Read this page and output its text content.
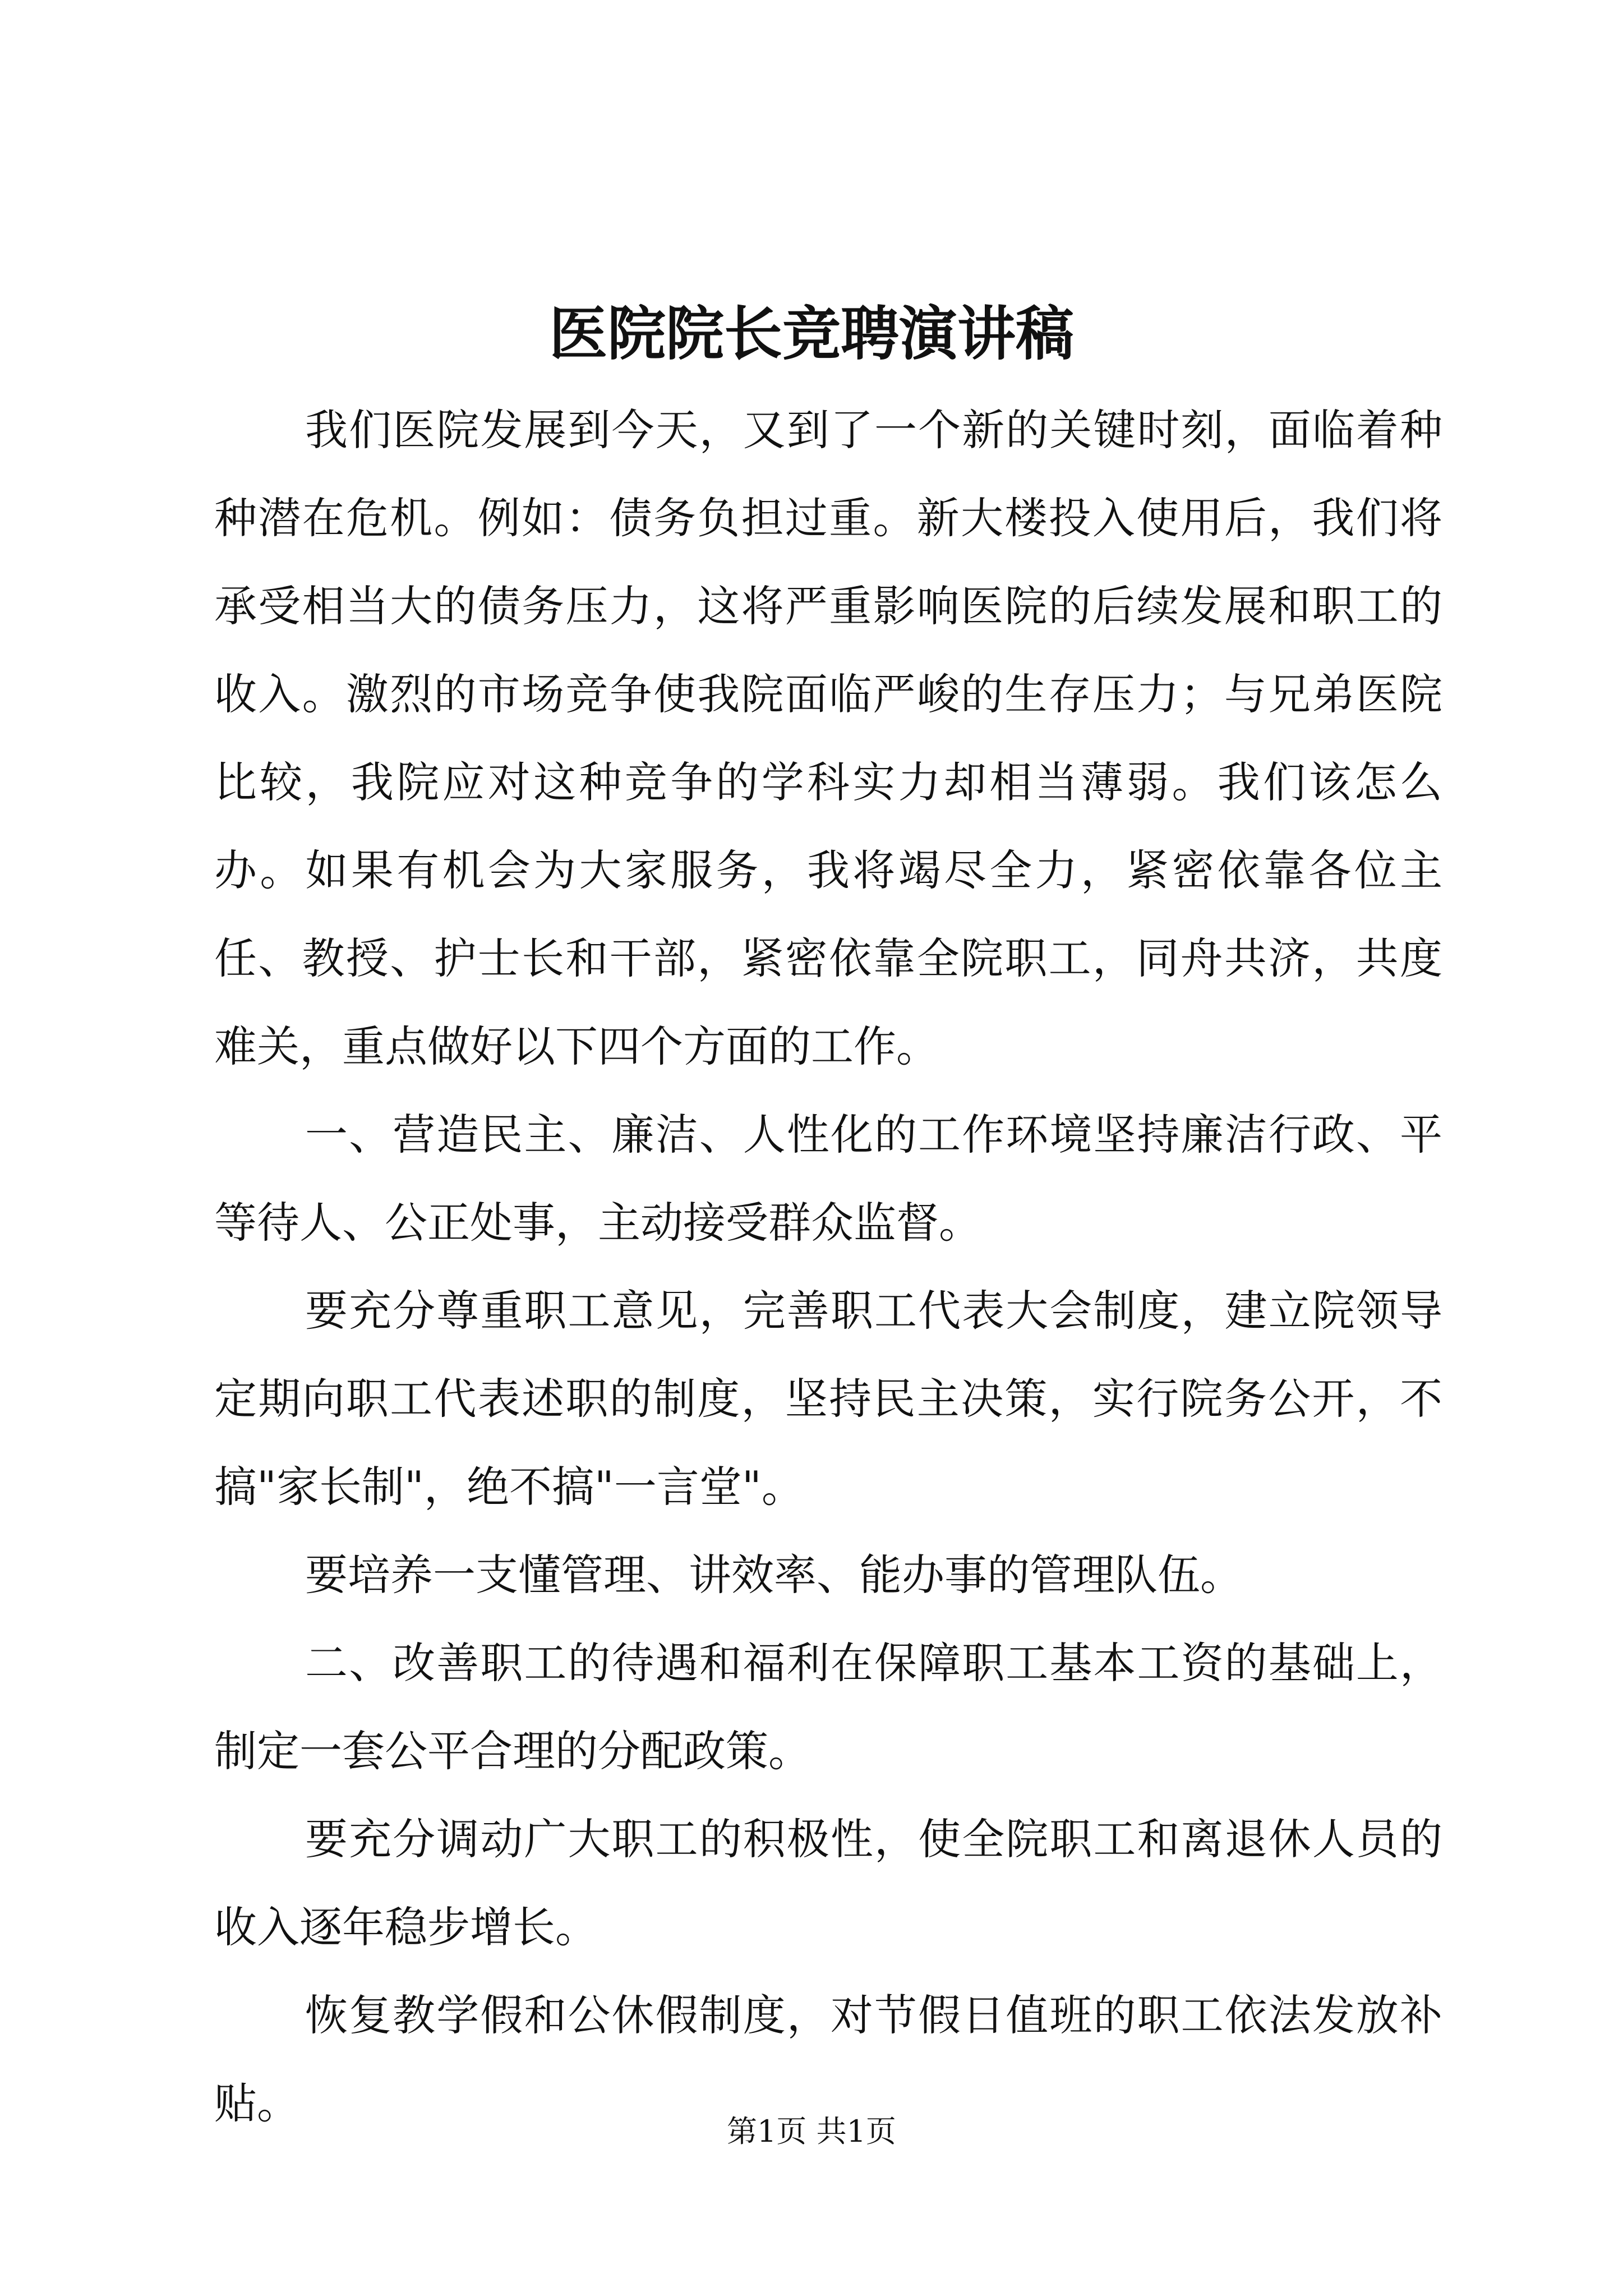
医院院长竞聘演讲稿

我们医院发展到今天，又到了一个新的关键时刻，面临着种种潜在危机。例如：债务负担过重。新大楼投入使用后，我们将承受相当大的债务压力，这将严重影响医院的后续发展和职工的收入。激烈的市场竞争使我院面临严峻的生存压力；与兄弟医院比较，我院应对这种竞争的学科实力却相当薄弱。我们该怎么办。如果有机会为大家服务，我将竭尽全力，紧密依靠各位主任、教授、护士长和干部，紧密依靠全院职工，同舟共济，共度难关，重点做好以下四个方面的工作。

一、营造民主、廉洁、人性化的工作环境坚持廉洁行政、平等待人、公正处事，主动接受群众监督。

要充分尊重职工意见，完善职工代表大会制度，建立院领导定期向职工代表述职的制度，坚持民主决策，实行院务公开，不搞"家长制"，绝不搞"一言堂"。

要培养一支懂管理、讲效率、能办事的管理队伍。

二、改善职工的待遇和福利在保障职工基本工资的基础上，制定一套公平合理的分配政策。

要充分调动广大职工的积极性，使全院职工和离退休人员的收入逐年稳步增长。

恢复教学假和公休假制度，对节假日值班的职工依法发放补贴。

第1页 共1页
